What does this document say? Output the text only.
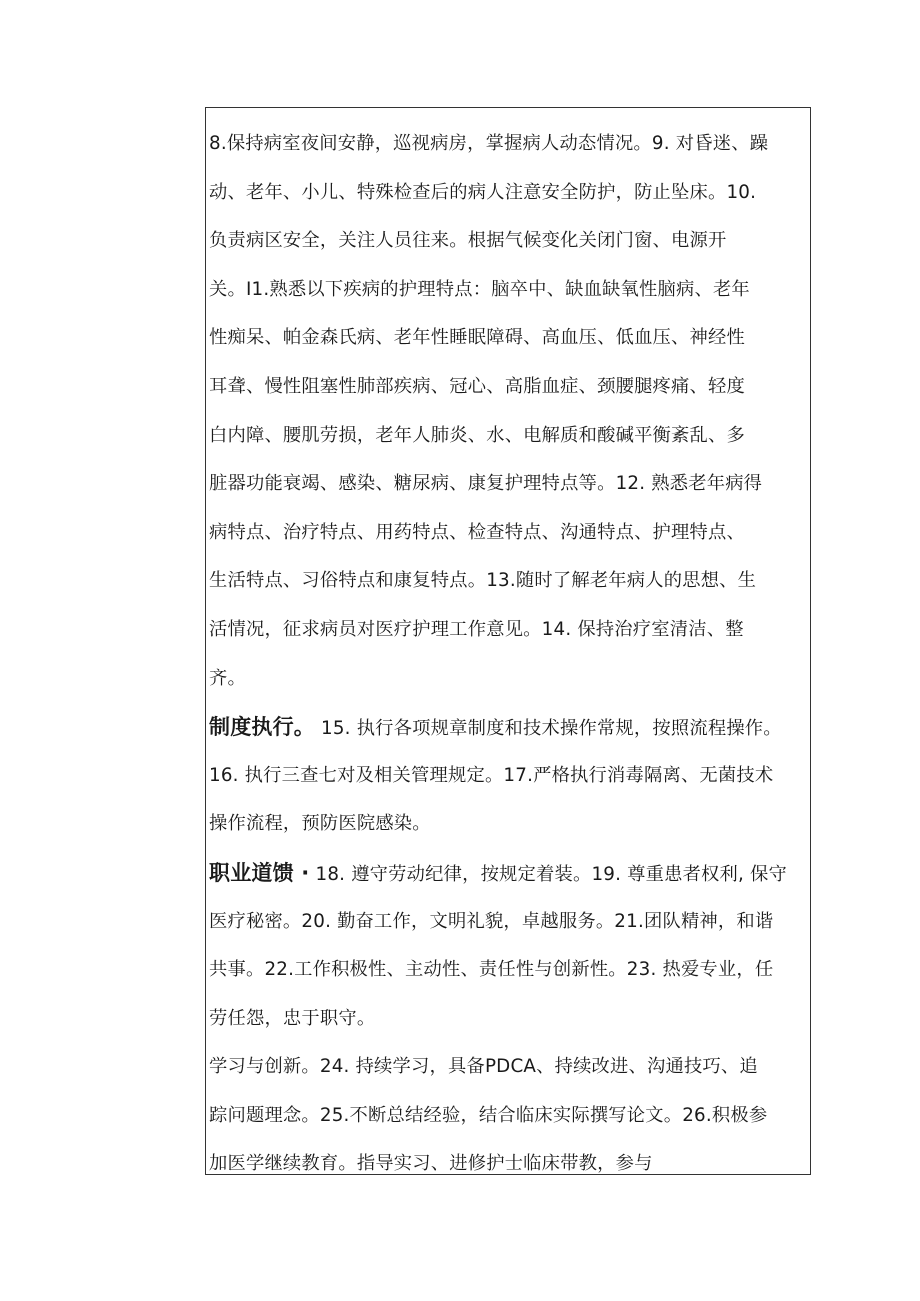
8.保持病室夜间安静，巡视病房，掌握病人动态情况。9. 对昏迷、躁
动、老年、小儿、特殊检查后的病人注意安全防护，防止坠床。10.
负责病区安全，关注人员往来。根据气候变化关闭门窗、电源开
关。I1.熟悉以下疾病的护理特点：脑卒中、缺血缺氧性脑病、老年
性痴呆、帕金森氏病、老年性睡眠障碍、高血压、低血压、神经性
耳聋、慢性阻塞性肺部疾病、冠心、高脂血症、颈腰腿疼痛、轻度
白内障、腰肌劳损，老年人肺炎、水、电解质和酸碱平衡紊乱、多
脏器功能衰竭、感染、糖尿病、康复护理特点等。12. 熟悉老年病得
病特点、治疗特点、用药特点、检查特点、沟通特点、护理特点、
生活特点、习俗特点和康复特点。13.随时了解老年病人的思想、生
活情况，征求病员对医疗护理工作意见。14. 保持治疗室清洁、整
齐。
制度执行。 15. 执行各项规章制度和技术操作常规，按照流程操作。
16. 执行三查七对及相关管理规定。17.严格执行消毒隔离、无菌技术
操作流程，预防医院感染。
职业道馈 · 18. 遵守劳动纪律，按规定着装。19. 尊重患者权利, 保守
医疗秘密。20. 勤奋工作，文明礼貌，卓越服务。21.团队精神，和谐
共事。22.工作积极性、主动性、责任性与创新性。23. 热爱专业，任
劳任怨，忠于职守。
学习与创新。24. 持续学习，具备PDCA、持续改进、沟通技巧、追
踪问题理念。25.不断总结经验，结合临床实际撰写论文。26.积极参
加医学继续教育。指导实习、进修护士临床带教，参与
